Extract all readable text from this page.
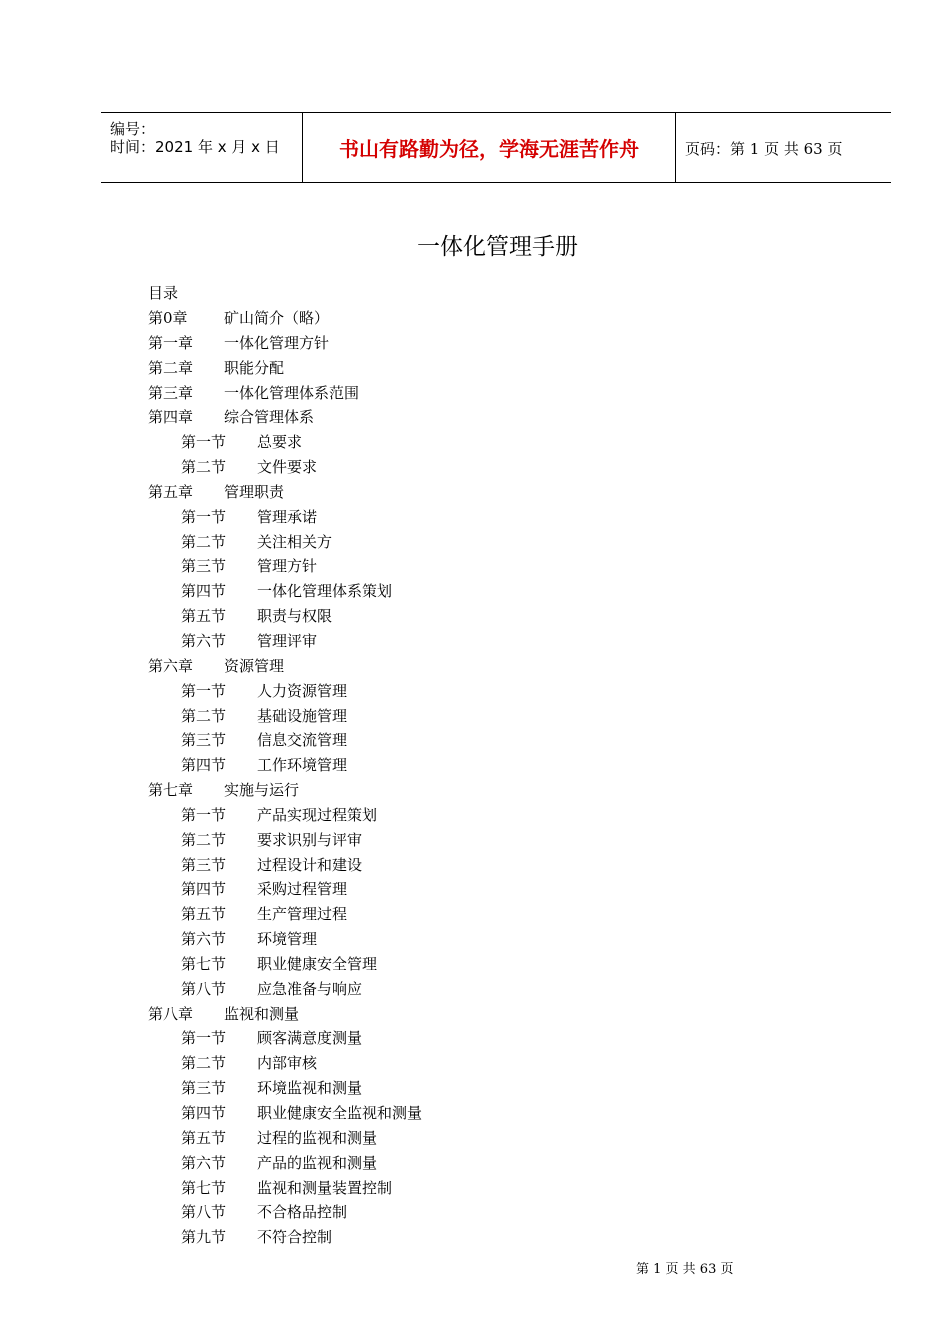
编号：
时间：2021 年 x 月 x 日	书山有路勤为径，学海无涯苦作舟	页码：第 1 页 共 63 页
一体化管理手册
目录
第0章 矿山简介（略）
第一章 一体化管理方针
第二章 职能分配
第三章 一体化管理体系范围
第四章 综合管理体系
第一节 总要求
第二节 文件要求
第五章 管理职责
第一节 管理承诺
第二节 关注相关方
第三节 管理方针
第四节 一体化管理体系策划
第五节 职责与权限
第六节 管理评审
第六章 资源管理
第一节 人力资源管理
第二节 基础设施管理
第三节 信息交流管理
第四节 工作环境管理
第七章 实施与运行
第一节 产品实现过程策划
第二节 要求识别与评审
第三节 过程设计和建设
第四节 采购过程管理
第五节 生产管理过程
第六节 环境管理
第七节 职业健康安全管理
第八节 应急准备与响应
第八章 监视和测量
第一节 顾客满意度测量
第二节 内部审核
第三节 环境监视和测量
第四节 职业健康安全监视和测量
第五节 过程的监视和测量
第六节 产品的监视和测量
第七节 监视和测量装置控制
第八节 不合格品控制
第九节 不符合控制
第 1 页 共 63 页
